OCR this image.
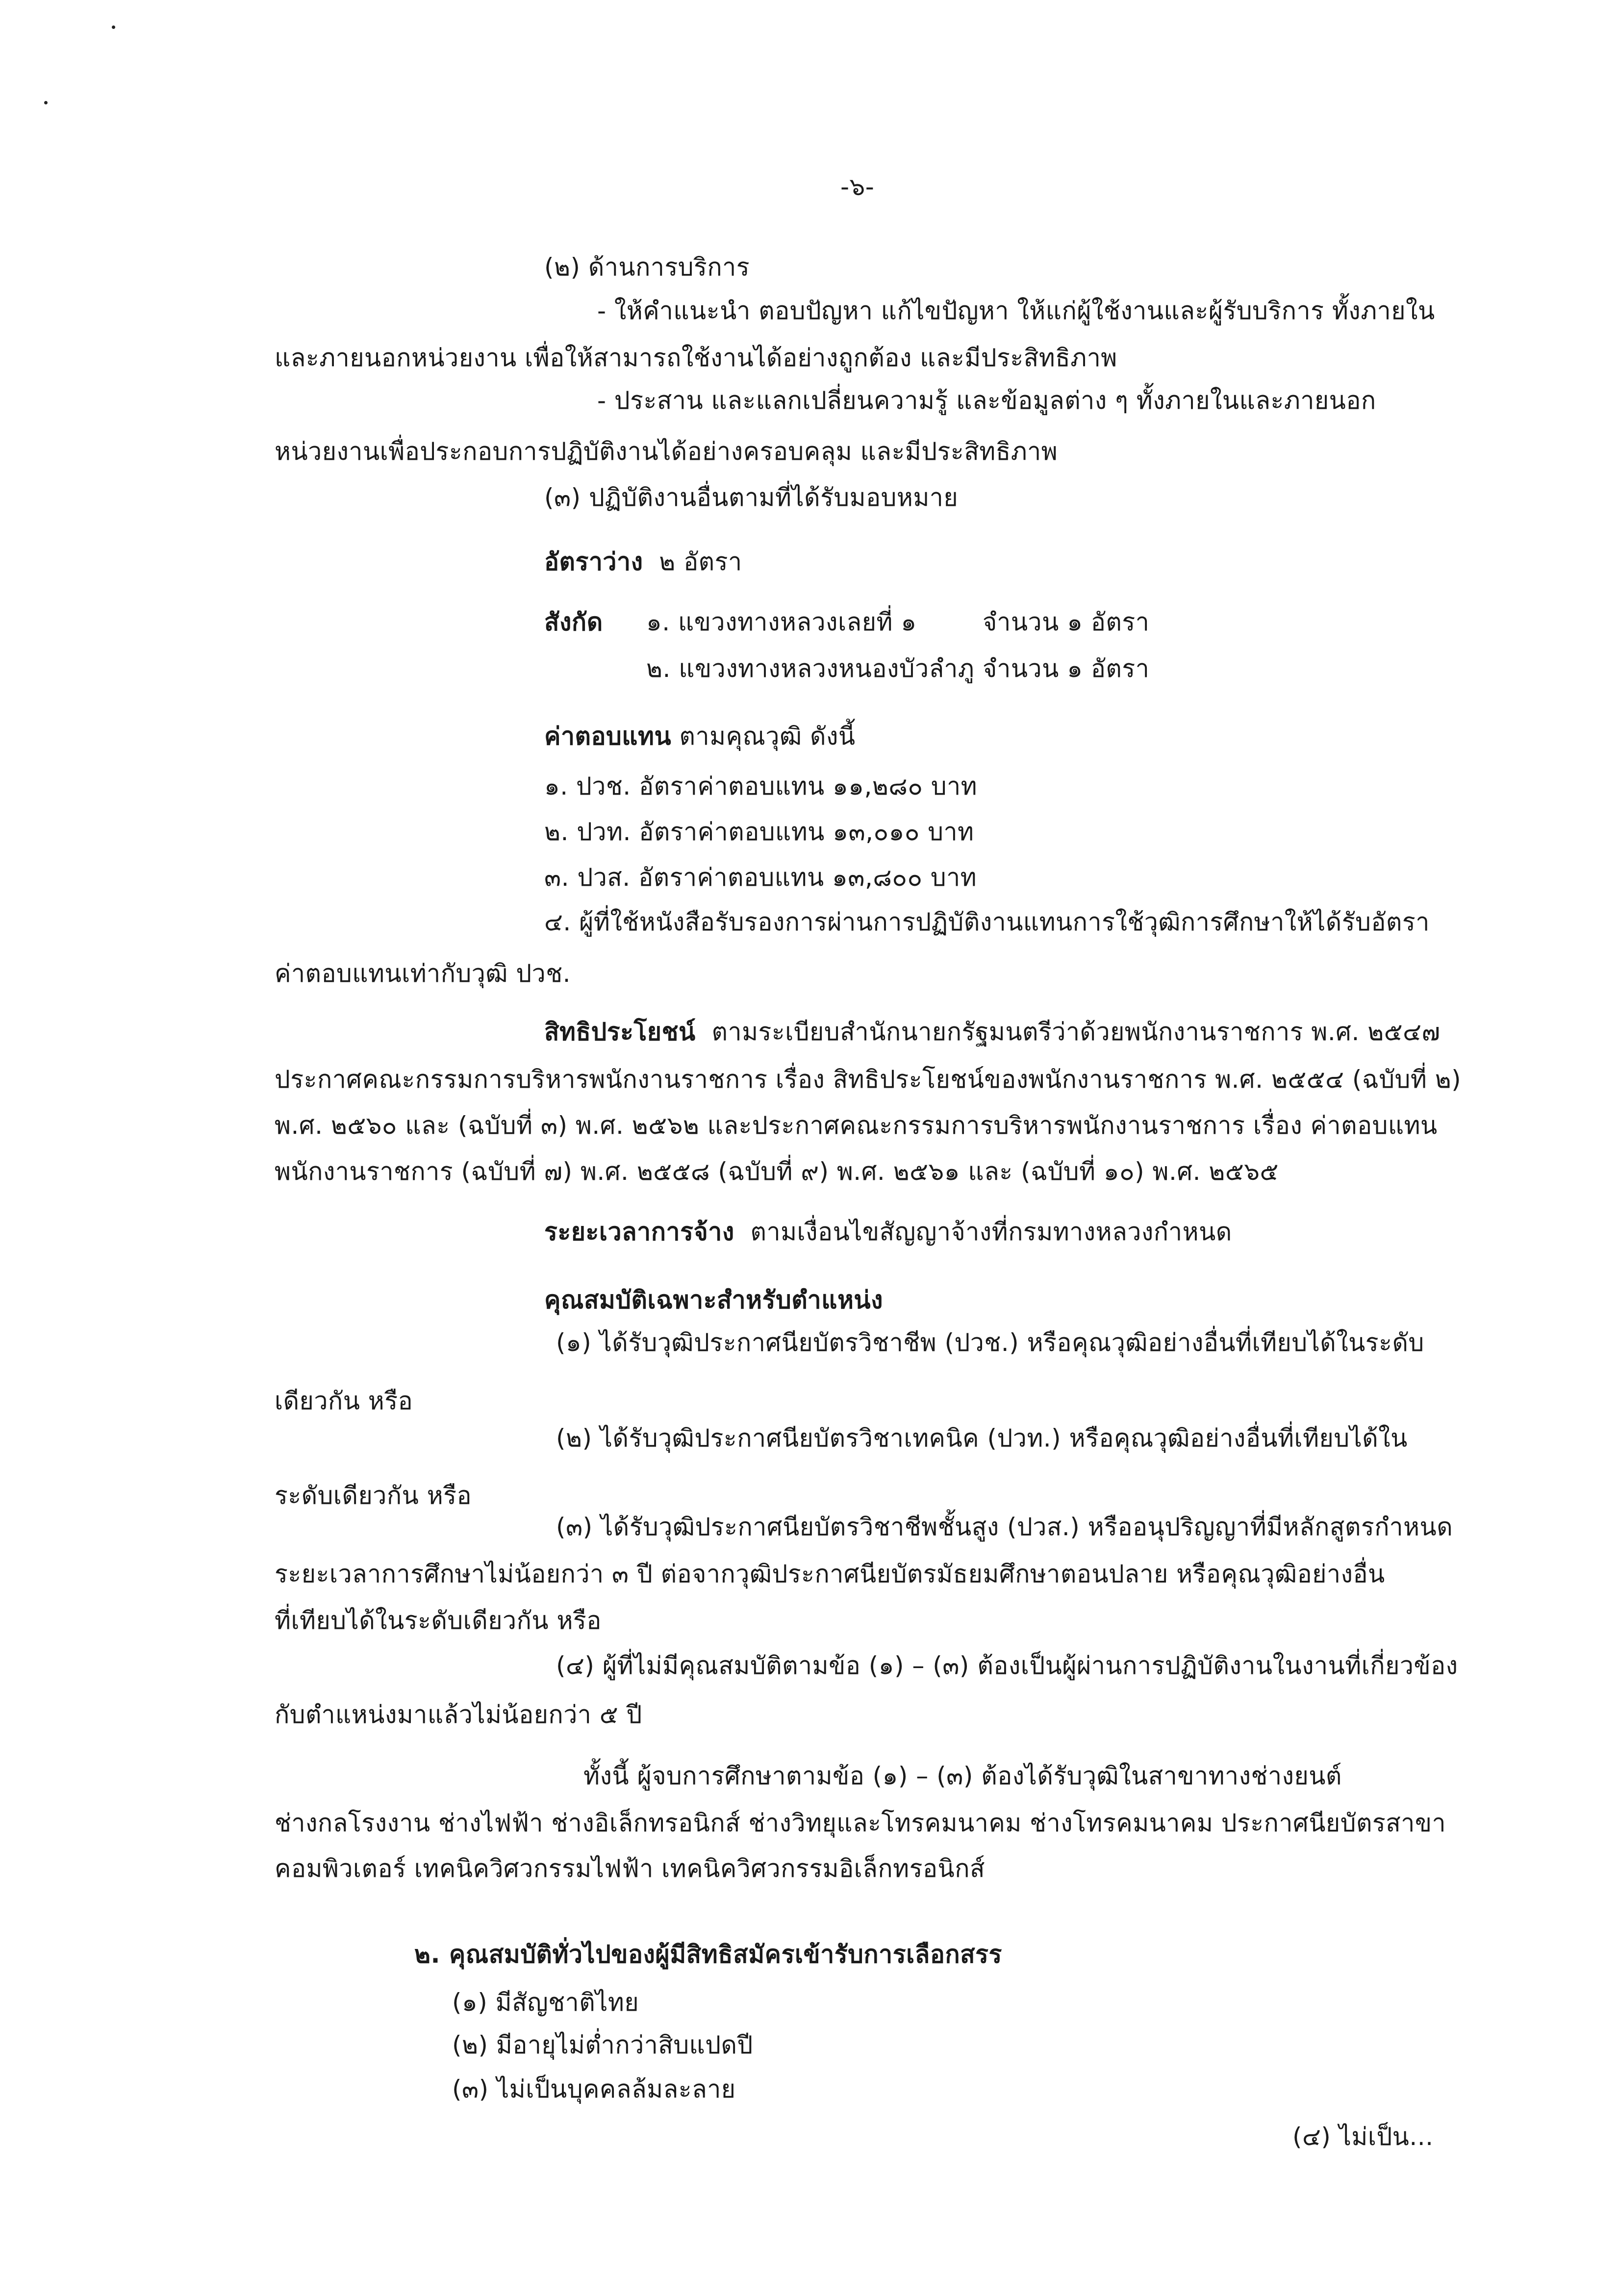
-๖-
(๒) ด้านการบริการ
- ให้คำแนะนำ ตอบปัญหา แก้ไขปัญหา ให้แก่ผู้ใช้งานและผู้รับบริการ ทั้งภายใน
และภายนอกหน่วยงาน เพื่อให้สามารถใช้งานได้อย่างถูกต้อง และมีประสิทธิภาพ
- ประสาน และแลกเปลี่ยนความรู้ และข้อมูลต่าง ๆ ทั้งภายในและภายนอก
หน่วยงานเพื่อประกอบการปฏิบัติงานได้อย่างครอบคลุม และมีประสิทธิภาพ
(๓) ปฏิบัติงานอื่นตามที่ได้รับมอบหมาย
อัตราว่าง ๒ อัตรา
สังกัด ๑. แขวงทางหลวงเลยที่ ๑	จำนวน ๑ อัตรา
๒. แขวงทางหลวงหนองบัวลำภู จำนวน ๑ อัตรา
ค่าตอบแทน ตามคุณวุฒิ ดังนี้
๑. ปวช. อัตราค่าตอบแทน ๑๑,๒๘๐ บาท
๒. ปวท. อัตราค่าตอบแทน ๑๓,๐๑๐ บาท
๓. ปวส. อัตราค่าตอบแทน ๑๓,๘๐๐ บาท
๔. ผู้ที่ใช้หนังสือรับรองการผ่านการปฏิบัติงานแทนการใช้วุฒิการศึกษาให้ได้รับอัตรา
ค่าตอบแทนเท่ากับวุฒิ ปวช.
สิทธิประโยชน์ ตามระเบียบสำนักนายกรัฐมนตรีว่าด้วยพนักงานราชการ พ.ศ. ๒๕๔๗
ประกาศคณะกรรมการบริหารพนักงานราชการ เรื่อง สิทธิประโยชน์ของพนักงานราชการ พ.ศ. ๒๕๕๔ (ฉบับที่ ๒)
พ.ศ. ๒๕๖๐ และ (ฉบับที่ ๓) พ.ศ. ๒๕๖๒ และประกาศคณะกรรมการบริหารพนักงานราชการ เรื่อง ค่าตอบแทน
พนักงานราชการ (ฉบับที่ ๗) พ.ศ. ๒๕๕๘ (ฉบับที่ ๙) พ.ศ. ๒๕๖๑ และ (ฉบับที่ ๑๐) พ.ศ. ๒๕๖๕
ระยะเวลาการจ้าง ตามเงื่อนไขสัญญาจ้างที่กรมทางหลวงกำหนด
คุณสมบัติเฉพาะสำหรับตำแหน่ง
(๑) ได้รับวุฒิประกาศนียบัตรวิชาชีพ (ปวช.) หรือคุณวุฒิอย่างอื่นที่เทียบได้ในระดับ
เดียวกัน หรือ
(๒) ได้รับวุฒิประกาศนียบัตรวิชาเทคนิค (ปวท.) หรือคุณวุฒิอย่างอื่นที่เทียบได้ใน
ระดับเดียวกัน หรือ
(๓) ได้รับวุฒิประกาศนียบัตรวิชาชีพชั้นสูง (ปวส.) หรืออนุปริญญาที่มีหลักสูตรกำหนด
ระยะเวลาการศึกษาไม่น้อยกว่า ๓ ปี ต่อจากวุฒิประกาศนียบัตรมัธยมศึกษาตอนปลาย หรือคุณวุฒิอย่างอื่น
ที่เทียบได้ในระดับเดียวกัน หรือ
(๔) ผู้ที่ไม่มีคุณสมบัติตามข้อ (๑) – (๓) ต้องเป็นผู้ผ่านการปฏิบัติงานในงานที่เกี่ยวข้อง
กับตำแหน่งมาแล้วไม่น้อยกว่า ๕ ปี
ทั้งนี้ ผู้จบการศึกษาตามข้อ (๑) – (๓) ต้องได้รับวุฒิในสาขาทางช่างยนต์
ช่างกลโรงงาน ช่างไฟฟ้า ช่างอิเล็กทรอนิกส์ ช่างวิทยุและโทรคมนาคม ช่างโทรคมนาคม ประกาศนียบัตรสาขา
คอมพิวเตอร์ เทคนิควิศวกรรมไฟฟ้า เทคนิควิศวกรรมอิเล็กทรอนิกส์
๒. คุณสมบัติทั่วไปของผู้มีสิทธิสมัครเข้ารับการเลือกสรร
(๑) มีสัญชาติไทย
(๒) มีอายุไม่ต่ำกว่าสิบแปดปี
(๓) ไม่เป็นบุคคลล้มละลาย
(๔) ไม่เป็น...
